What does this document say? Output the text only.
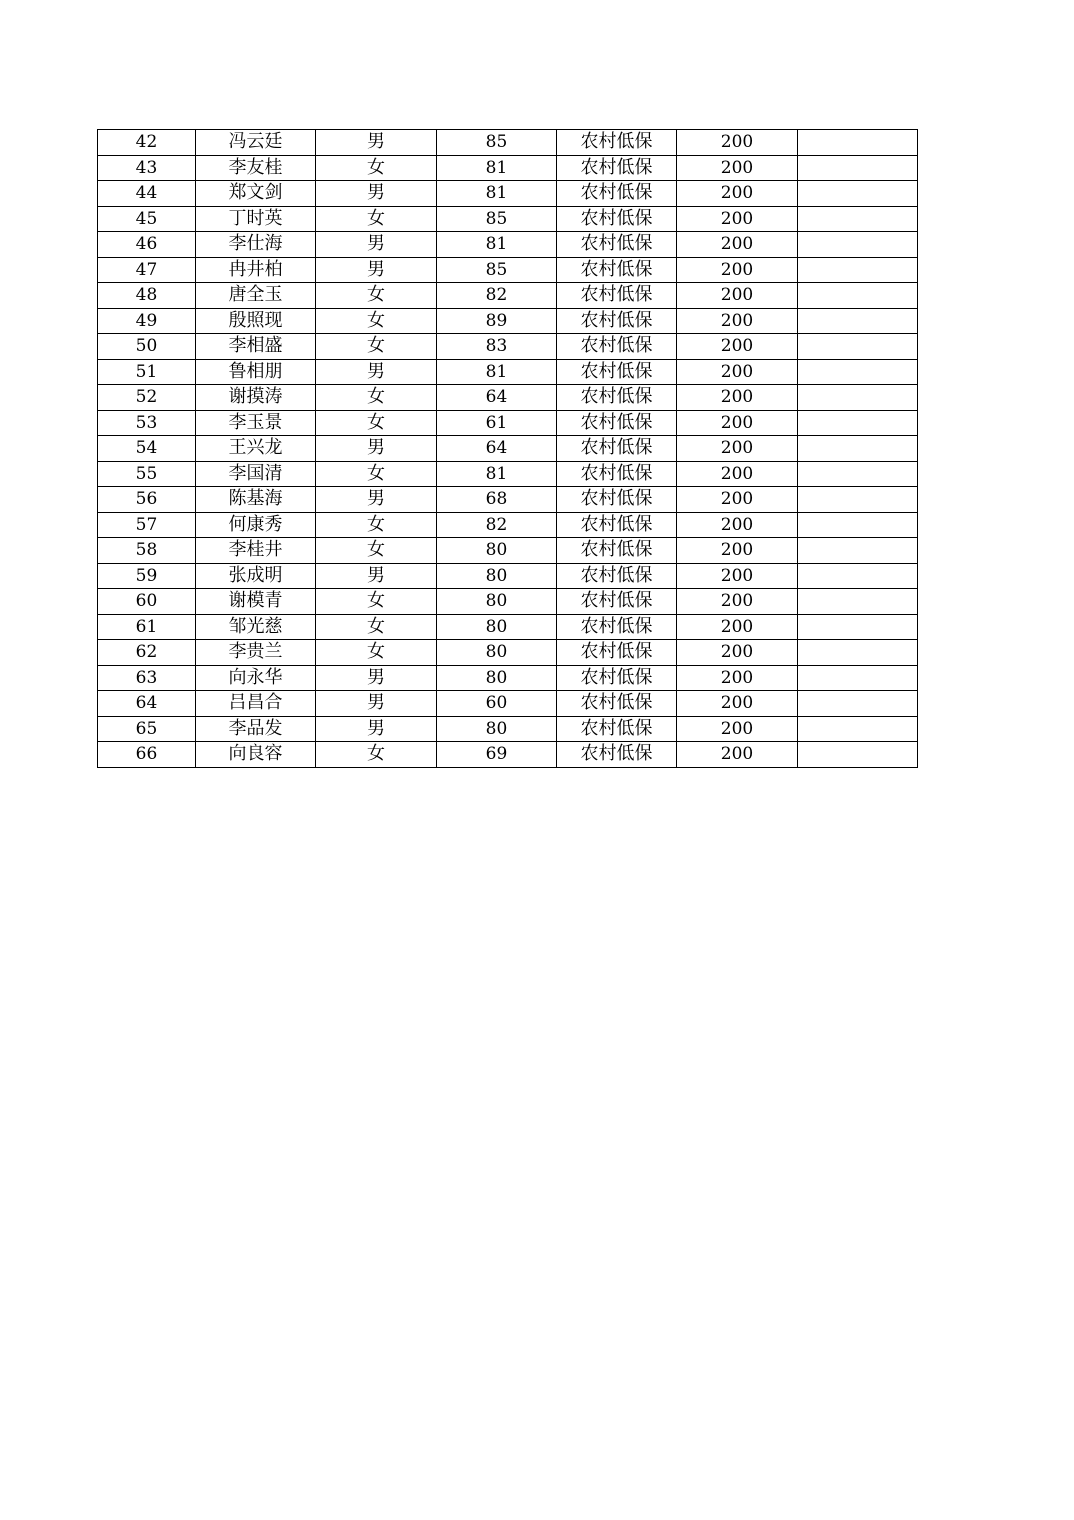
42	冯云廷	男	85	农村低保	200	
43	李友桂	女	81	农村低保	200	
44	郑文剑	男	81	农村低保	200	
45	丁时英	女	85	农村低保	200	
46	李仕海	男	81	农村低保	200	
47	冉井柏	男	85	农村低保	200	
48	唐全玉	女	82	农村低保	200	
49	殷照现	女	89	农村低保	200	
50	李相盛	女	83	农村低保	200	
51	鲁相朋	男	81	农村低保	200	
52	谢摸涛	女	64	农村低保	200	
53	李玉景	女	61	农村低保	200	
54	王兴龙	男	64	农村低保	200	
55	李国清	女	81	农村低保	200	
56	陈基海	男	68	农村低保	200	
57	何康秀	女	82	农村低保	200	
58	李桂井	女	80	农村低保	200	
59	张成明	男	80	农村低保	200	
60	谢模青	女	80	农村低保	200	
61	邹光慈	女	80	农村低保	200	
62	李贵兰	女	80	农村低保	200	
63	向永华	男	80	农村低保	200	
64	吕昌合	男	60	农村低保	200	
65	李品发	男	80	农村低保	200	
66	向良容	女	69	农村低保	200	
